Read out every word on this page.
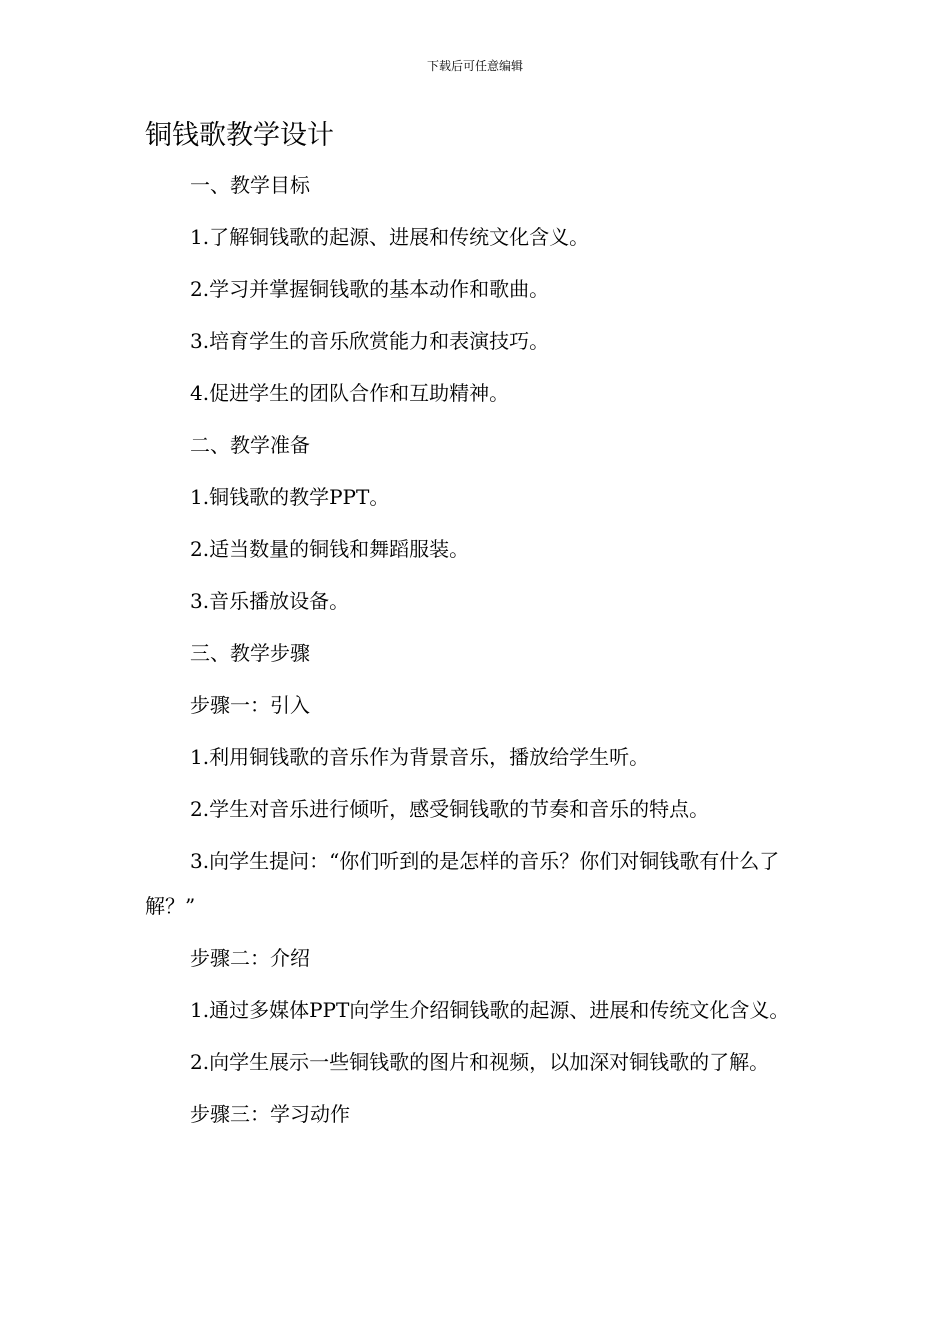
下载后可任意编辑
铜钱歌教学设计

一、教学目标

1.了解铜钱歌的起源、进展和传统文化含义。

2.学习并掌握铜钱歌的基本动作和歌曲。

3.培育学生的音乐欣赏能力和表演技巧。

4.促进学生的团队合作和互助精神。

二、教学准备

1.铜钱歌的教学PPT。

2.适当数量的铜钱和舞蹈服装。

3.音乐播放设备。

三、教学步骤

步骤一：引入

1.利用铜钱歌的音乐作为背景音乐，播放给学生听。

2.学生对音乐进行倾听，感受铜钱歌的节奏和音乐的特点。

3.向学生提问：“你们听到的是怎样的音乐？你们对铜钱歌有什么了解？”

步骤二：介绍

1.通过多媒体PPT向学生介绍铜钱歌的起源、进展和传统文化含义。

2.向学生展示一些铜钱歌的图片和视频，以加深对铜钱歌的了解。

步骤三：学习动作
